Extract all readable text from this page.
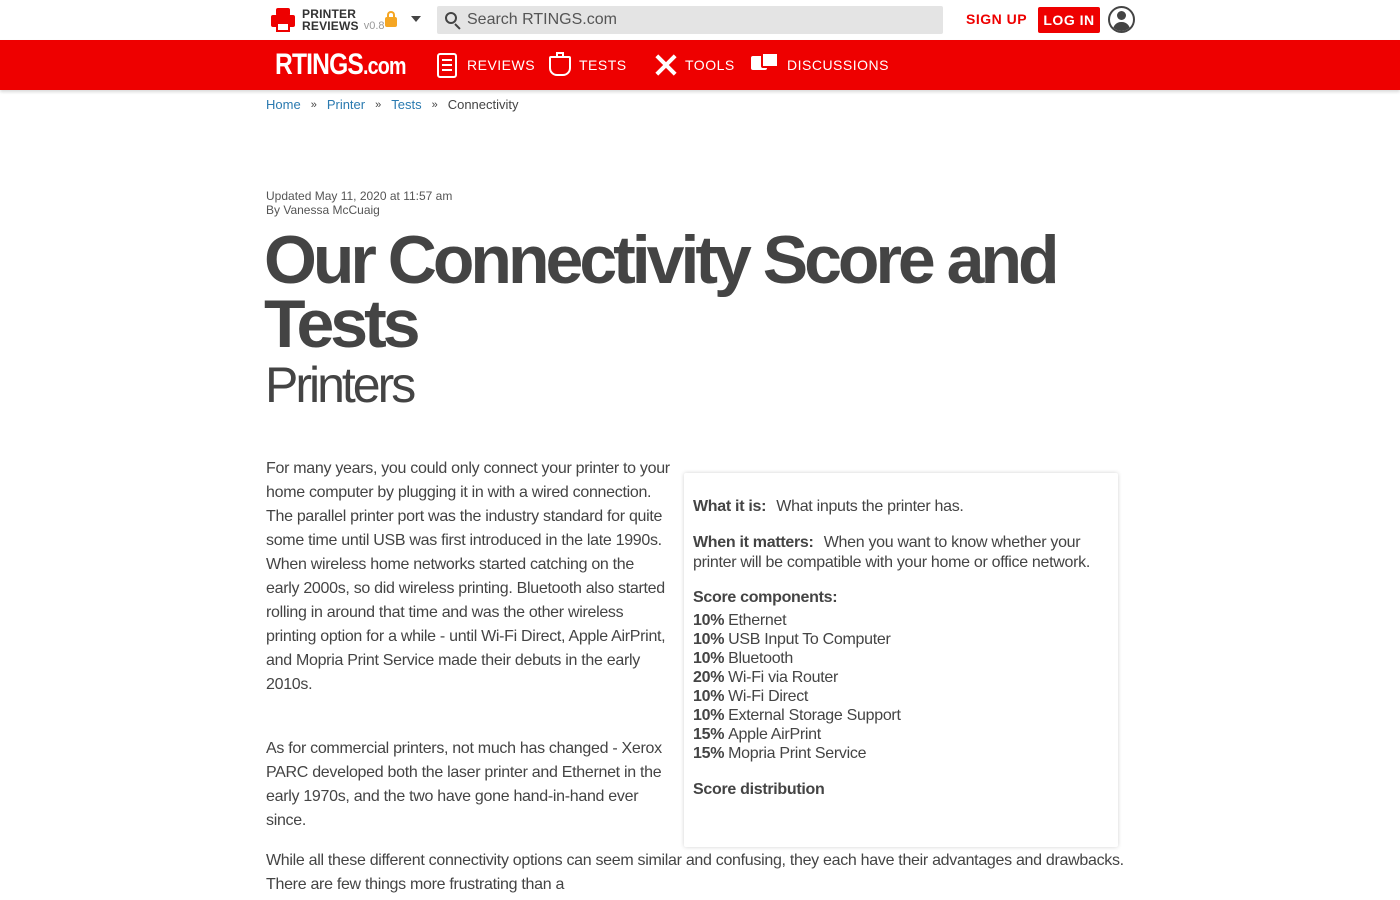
PRINTER
REVIEWS v0.8
Search RTINGS.com	SIGN UP	LOG IN
RTINGS.com	REVIEWS	TESTS	TOOLS	DISCUSSIONS
Home » Printer » Tests » Connectivity
Updated May 11, 2020 at 11:57 am
By Vanessa McCuaig
Our Connectivity Score and Tests
Printers

For many years, you could only connect your printer to your home computer by plugging it in with a wired connection. The parallel printer port was the industry standard for quite some time until USB was first introduced in the late 1990s. When wireless home networks started catching on the early 2000s, so did wireless printing. Bluetooth also started rolling in around that time and was the other wireless printing option for a while - until Wi-Fi Direct, Apple AirPrint, and Mopria Print Service made their debuts in the early 2010s.

As for commercial printers, not much has changed - Xerox PARC developed both the laser printer and Ethernet in the early 1970s, and the two have gone hand-in-hand ever since.

While all these different connectivity options can seem similar and confusing, they each have their advantages and drawbacks. There are few things more frustrating than a

What it is: What inputs the printer has.
When it matters: When you want to know whether your printer will be compatible with your home or office network.
Score components:
10% Ethernet
10% USB Input To Computer
10% Bluetooth
20% Wi-Fi via Router
10% Wi-Fi Direct
10% External Storage Support
15% Apple AirPrint
15% Mopria Print Service
Score distribution
